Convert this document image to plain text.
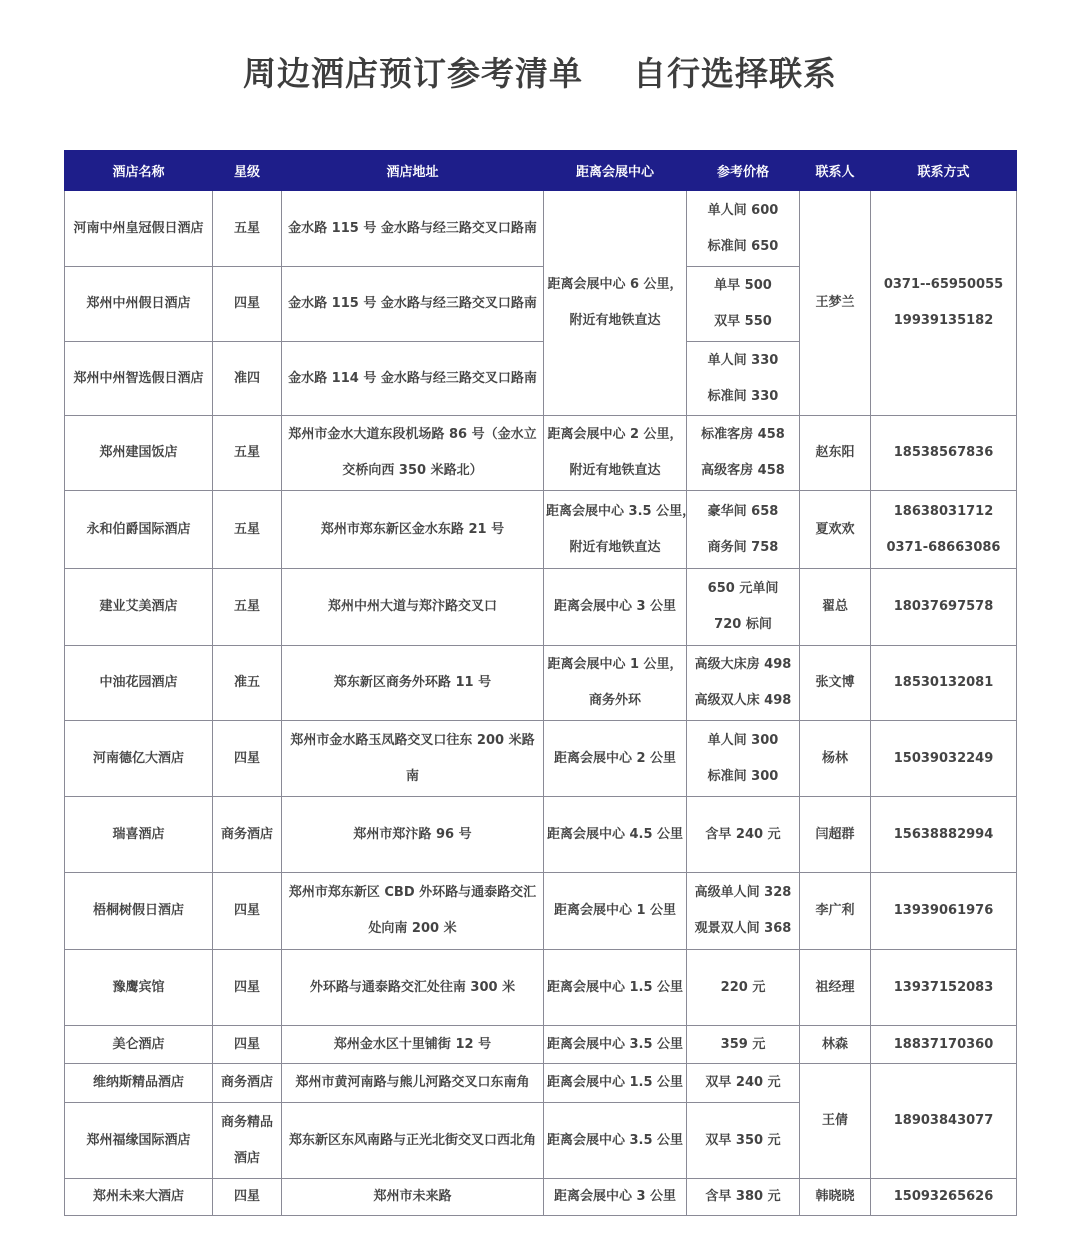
周边酒店预订参考清单    自行选择联系
酒店名称	星级	酒店地址	距离会展中心	参考价格	联系人	联系方式

河南中州皇冠假日酒店	五星	金水路 115 号 金水路与经三路交叉口路南	距离会展中心 6 公里，
附近有地铁直达	单人间 600
标准间 650	王梦兰	0371--65950055
19939135182

郑州中州假日酒店	四星	金水路 115 号 金水路与经三路交叉口路南		单早 500
双早 550		

郑州中州智选假日酒店	准四	金水路 114 号 金水路与经三路交叉口路南		单人间 330
标准间 330		

郑州建国饭店	五星	郑州市金水大道东段机场路 86 号（金水立
交桥向西 350 米路北）	距离会展中心 2 公里，
附近有地铁直达	标准客房 458
高级客房 458	赵东阳	18538567836

永和伯爵国际酒店	五星	郑州市郑东新区金水东路 21 号	距离会展中心 3.5 公里，
附近有地铁直达	豪华间 658
商务间 758	夏欢欢	18638031712
0371-68663086

建业艾美酒店	五星	郑州中州大道与郑汴路交叉口	距离会展中心 3 公里	650 元单间
720 标间	翟总	18037697578

中油花园酒店	准五	郑东新区商务外环路 11 号	距离会展中心 1 公里，
商务外环	高级大床房 498
高级双人床 498	张文博	18530132081

河南德亿大酒店	四星	郑州市金水路玉凤路交叉口往东 200 米路
南	距离会展中心 2 公里	单人间 300
标准间 300	杨林	15039032249

瑞喜酒店	商务酒店	郑州市郑汴路 96 号	距离会展中心 4.5 公里	含早 240 元	闫超群	15638882994

梧桐树假日酒店	四星	郑州市郑东新区 CBD 外环路与通泰路交汇
处向南 200 米	距离会展中心 1 公里	高级单人间 328
观景双人间 368	李广利	13939061976

豫鹰宾馆	四星	外环路与通泰路交汇处往南 300 米	距离会展中心 1.5 公里	220 元	祖经理	13937152083

美仑酒店	四星	郑州金水区十里铺街 12 号	距离会展中心 3.5 公里	359 元	林森	18837170360

维纳斯精品酒店	商务酒店	郑州市黄河南路与熊儿河路交叉口东南角	距离会展中心 1.5 公里	双早 240 元	王倩	18903843077

郑州福缘国际酒店	商务精品
酒店	郑东新区东风南路与正光北街交叉口西北角	距离会展中心 3.5 公里	双早 350 元		

郑州未来大酒店	四星	郑州市未来路	距离会展中心 3 公里	含早 380 元	韩晓晓	15093265626
